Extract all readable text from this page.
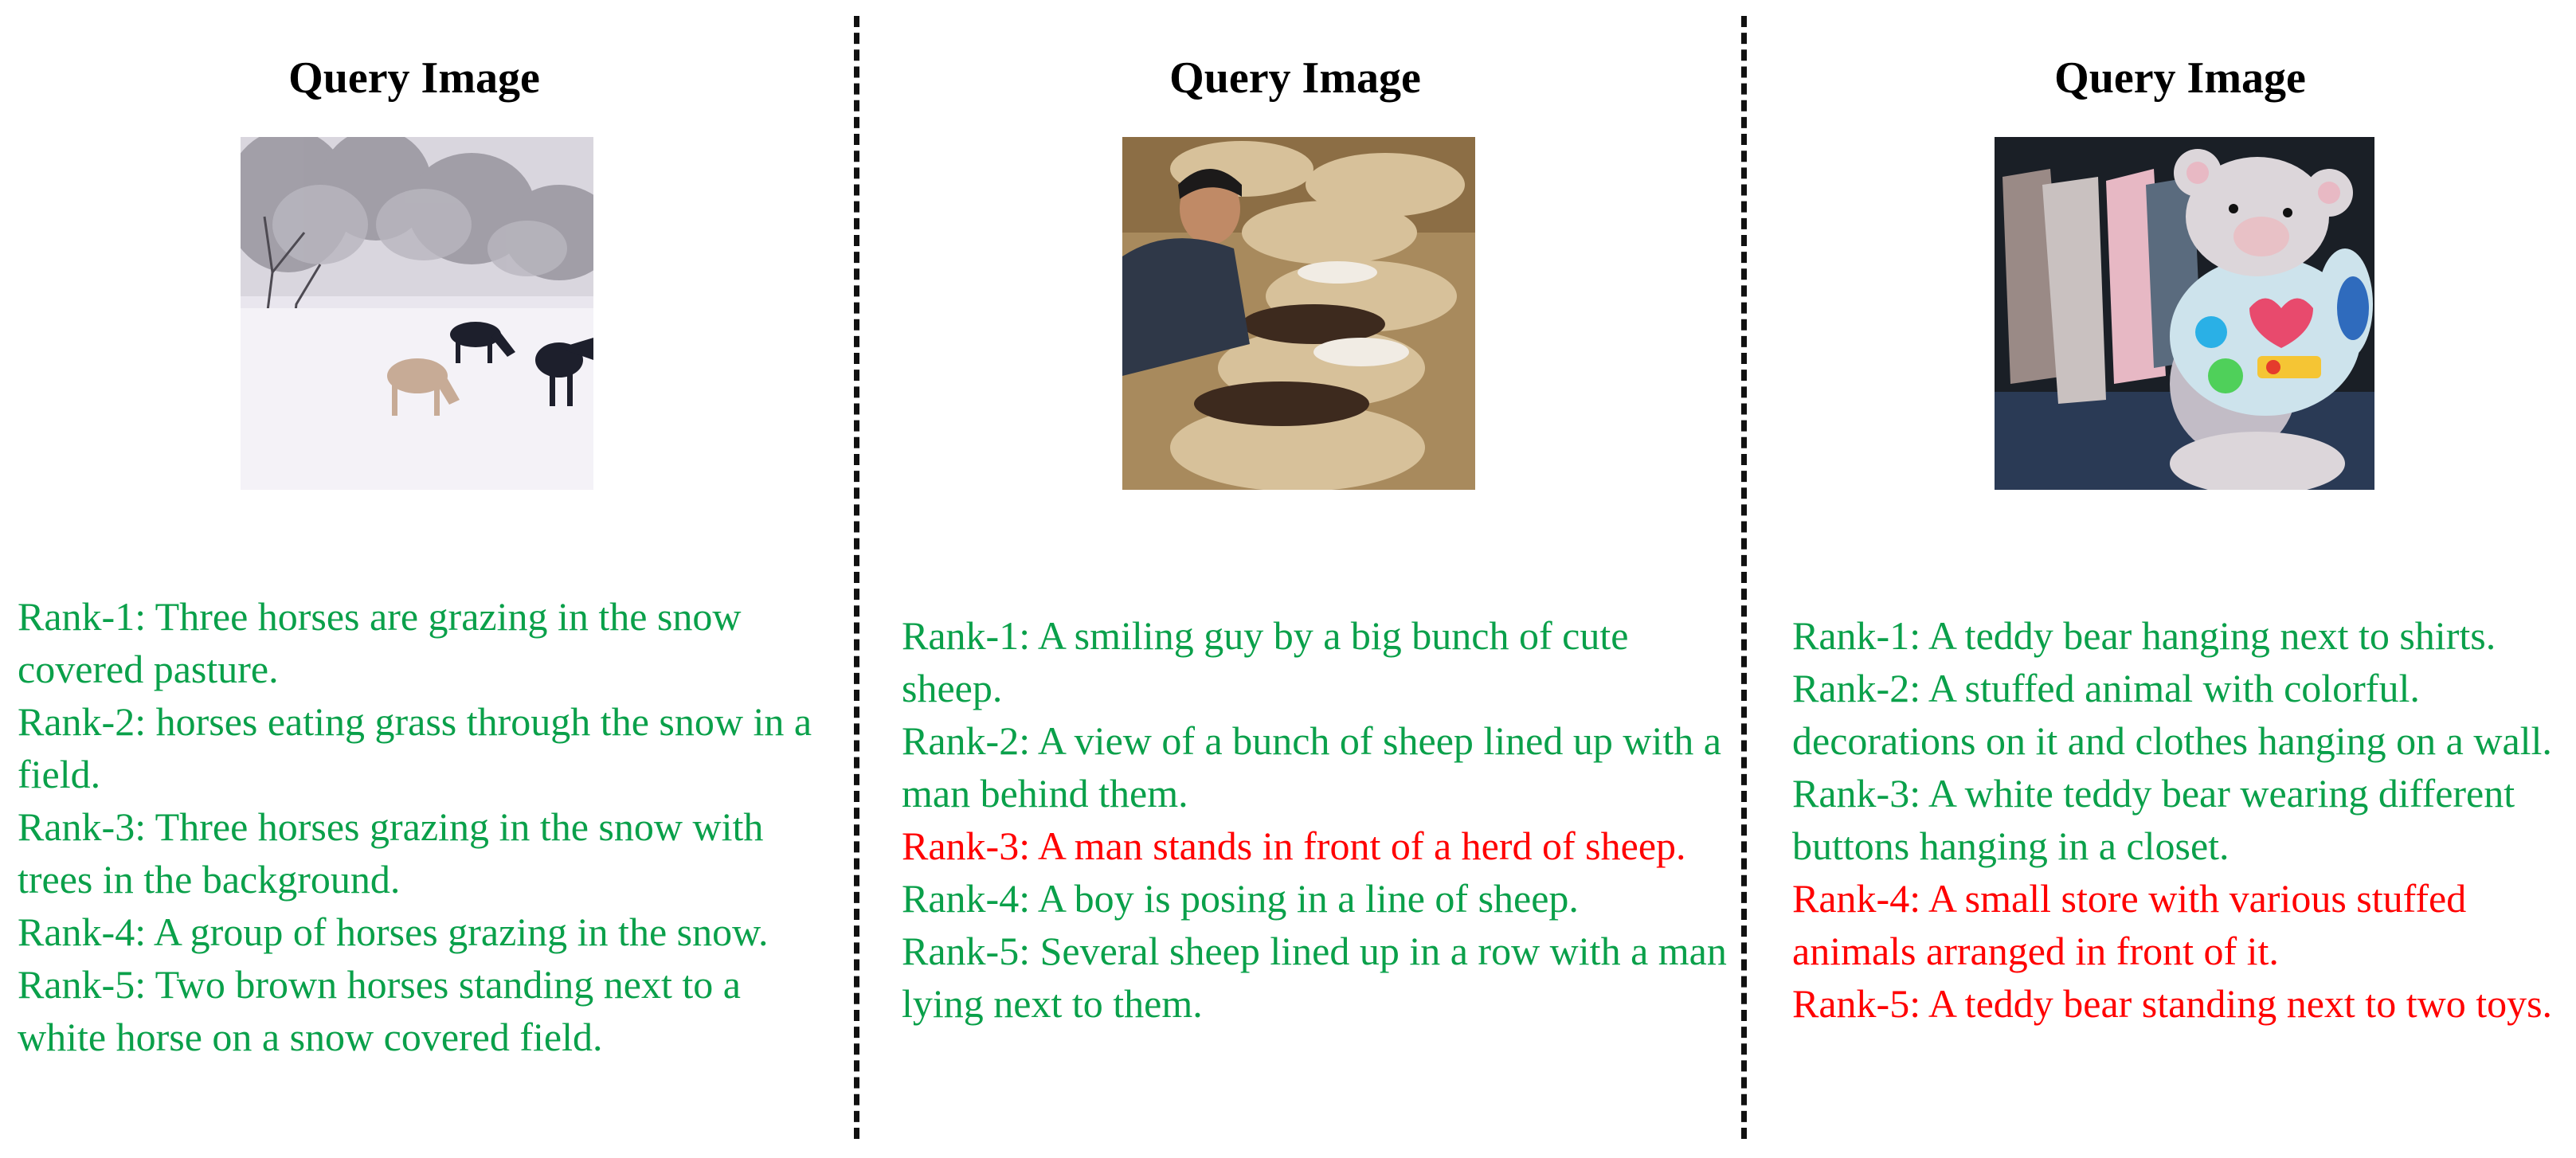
Query Image
Rank-1: Three horses are grazing in the snow covered pasture.
Rank-2: horses eating grass through the snow in a field.
Rank-3: Three horses grazing in the snow with trees in the background.
Rank-4: A group of horses grazing in the snow.
Rank-5: Two brown horses standing next to a white horse on a snow covered field.
Query Image
Rank-1: A smiling guy by a big bunch of cute sheep.
Rank-2: A view of a bunch of sheep lined up with a man behind them.
Rank-3: A man stands in front of a herd of sheep.
Rank-4: A boy is posing in a line of sheep.
Rank-5: Several sheep lined up in a row with a man lying next to them.
Query Image
Rank-1: A teddy bear hanging next to shirts.
Rank-2: A stuffed animal with colorful. decorations on it and clothes hanging on a wall.
Rank-3: A white teddy bear wearing different buttons hanging in a closet.
Rank-4: A small store with various stuffed animals arranged in front of it.
Rank-5: A teddy bear standing next to two toys.
